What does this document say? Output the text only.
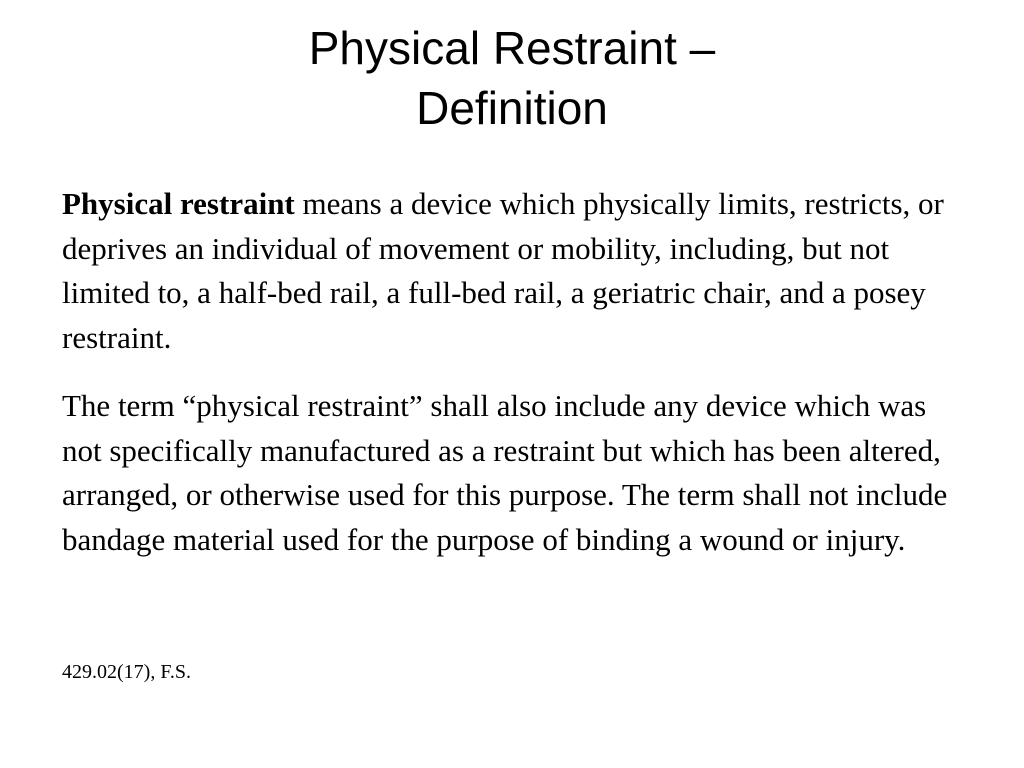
Physical Restraint –
Definition

Physical restraint means a device which physically limits, restricts, or deprives an individual of movement or mobility, including, but not limited to, a half-bed rail, a full-bed rail, a geriatric chair, and a posey restraint.

The term “physical restraint” shall also include any device which was not specifically manufactured as a restraint but which has been altered, arranged, or otherwise used for this purpose. The term shall not include bandage material used for the purpose of binding a wound or injury.

429.02(17), F.S.
